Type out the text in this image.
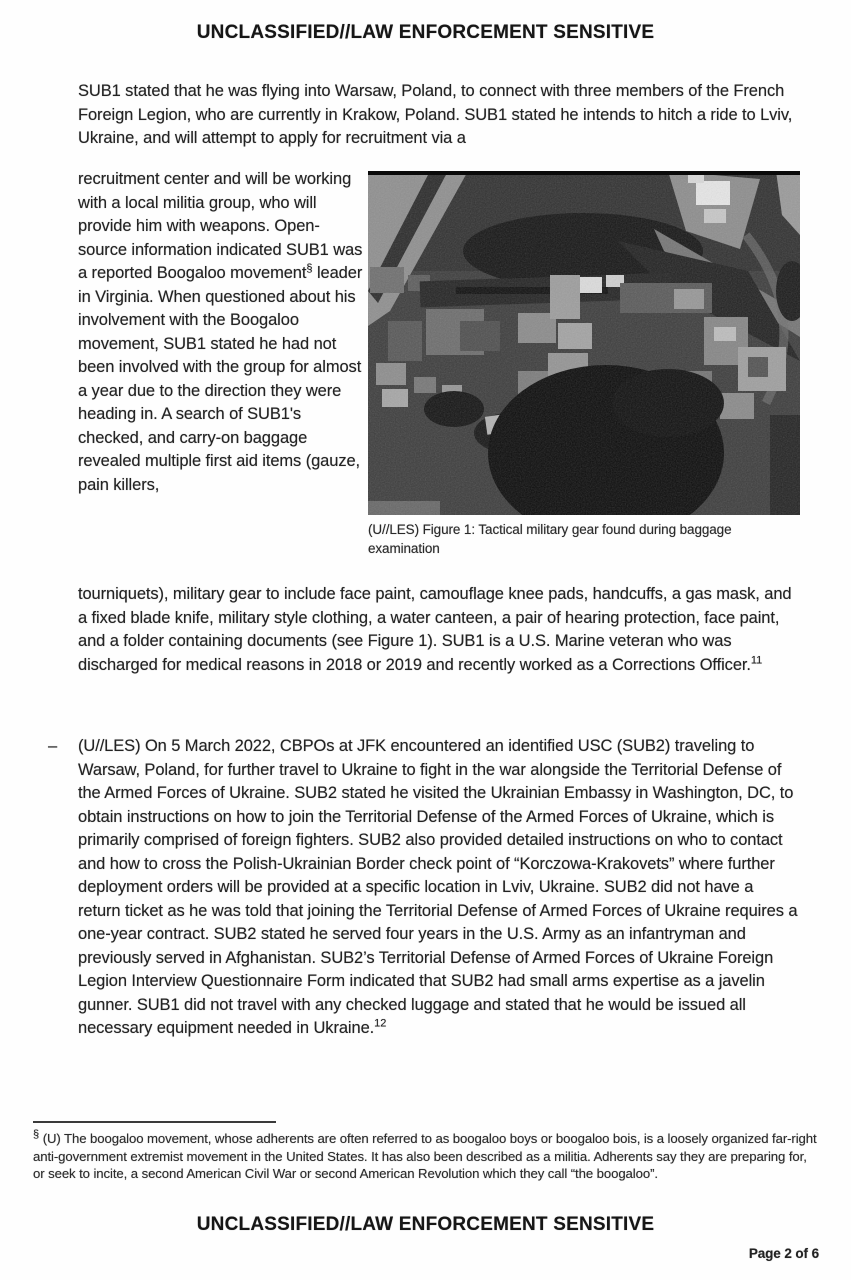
UNCLASSIFIED//LAW ENFORCEMENT SENSITIVE
SUB1 stated that he was flying into Warsaw, Poland, to connect with three members of the French Foreign Legion, who are currently in Krakow, Poland. SUB1 stated he intends to hitch a ride to Lviv, Ukraine, and will attempt to apply for recruitment via a
recruitment center and will be working with a local militia group, who will provide him with weapons. Open-source information indicated SUB1 was a reported Boogaloo movement§ leader in Virginia. When questioned about his involvement with the Boogaloo movement, SUB1 stated he had not been involved with the group for almost a year due to the direction they were heading in. A search of SUB1's checked, and carry-on baggage revealed multiple first aid items (gauze, pain killers,
(U//LES) Figure 1: Tactical military gear found during baggage examination
tourniquets), military gear to include face paint, camouflage knee pads, handcuffs, a gas mask, and a fixed blade knife, military style clothing, a water canteen, a pair of hearing protection, face paint, and a folder containing documents (see Figure 1). SUB1 is a U.S. Marine veteran who was discharged for medical reasons in 2018 or 2019 and recently worked as a Corrections Officer.$^{11}$
–	(U//LES) On 5 March 2022, CBPOs at JFK encountered an identified USC (SUB2) traveling to Warsaw, Poland, for further travel to Ukraine to fight in the war alongside the Territorial Defense of the Armed Forces of Ukraine. SUB2 stated he visited the Ukrainian Embassy in Washington, DC, to obtain instructions on how to join the Territorial Defense of the Armed Forces of Ukraine, which is primarily comprised of foreign fighters. SUB2 also provided detailed instructions on who to contact and how to cross the Polish-Ukrainian Border check point of “Korczowa-Krakovets” where further deployment orders will be provided at a specific location in Lviv, Ukraine. SUB2 did not have a return ticket as he was told that joining the Territorial Defense of Armed Forces of Ukraine requires a one-year contract. SUB2 stated he served four years in the U.S. Army as an infantryman and previously served in Afghanistan. SUB2’s Territorial Defense of Armed Forces of Ukraine Foreign Legion Interview Questionnaire Form indicated that SUB2 had small arms expertise as a javelin gunner. SUB1 did not travel with any checked luggage and stated that he would be issued all necessary equipment needed in Ukraine.$^{12}$
§ (U) The boogaloo movement, whose adherents are often referred to as boogaloo boys or boogaloo bois, is a loosely organized far-right anti-government extremist movement in the United States. It has also been described as a militia. Adherents say they are preparing for, or seek to incite, a second American Civil War or second American Revolution which they call “the boogaloo”.
UNCLASSIFIED//LAW ENFORCEMENT SENSITIVE
Page 2 of 6
